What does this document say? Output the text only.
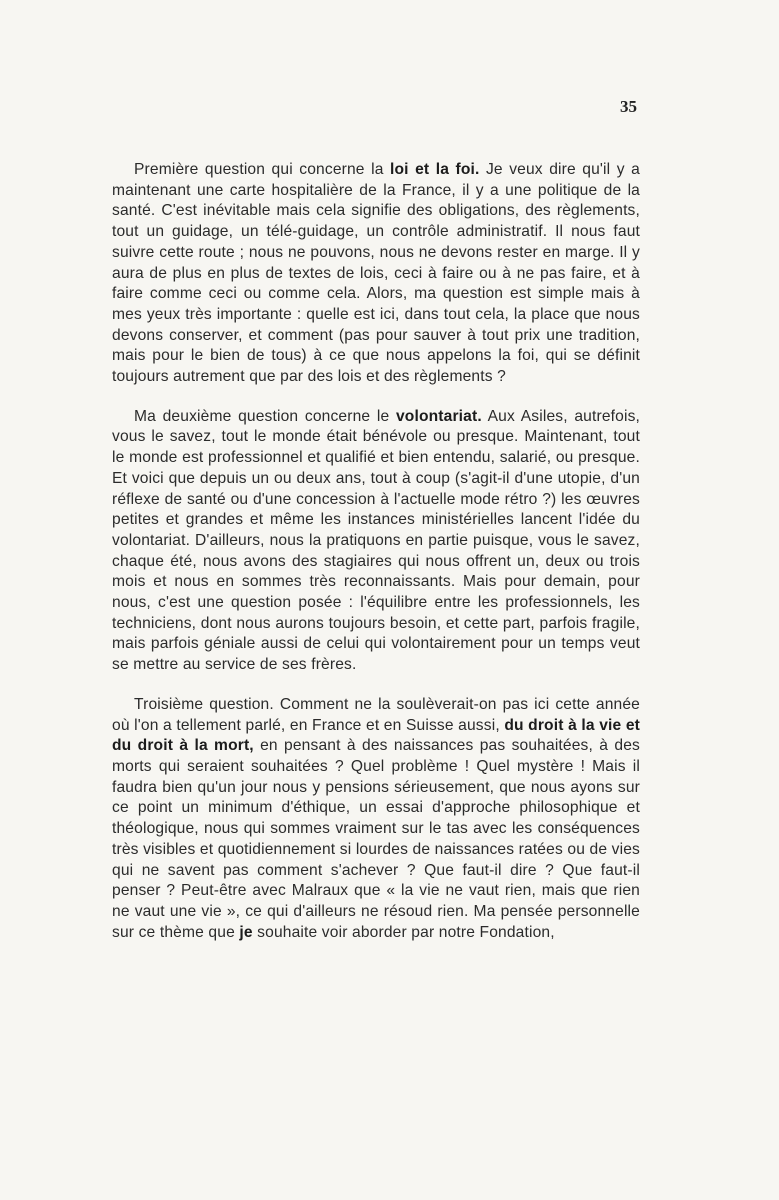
35

Première question qui concerne la loi et la foi. Je veux dire qu'il y a maintenant une carte hospitalière de la France, il y a une politique de la santé. C'est inévitable mais cela signifie des obligations, des règlements, tout un guidage, un télé-guidage, un contrôle administratif. Il nous faut suivre cette route ; nous ne pouvons, nous ne devons rester en marge. Il y aura de plus en plus de textes de lois, ceci à faire ou à ne pas faire, et à faire comme ceci ou comme cela. Alors, ma question est simple mais à mes yeux très importante : quelle est ici, dans tout cela, la place que nous devons conserver, et comment (pas pour sauver à tout prix une tradition, mais pour le bien de tous) à ce que nous appelons la foi, qui se définit toujours autrement que par des lois et des règlements ?

Ma deuxième question concerne le volontariat. Aux Asiles, autrefois, vous le savez, tout le monde était bénévole ou presque. Maintenant, tout le monde est professionnel et qualifié et bien entendu, salarié, ou presque. Et voici que depuis un ou deux ans, tout à coup (s'agit-il d'une utopie, d'un réflexe de santé ou d'une concession à l'actuelle mode rétro ?) les œuvres petites et grandes et même les instances ministérielles lancent l'idée du volontariat. D'ailleurs, nous la pratiquons en partie puisque, vous le savez, chaque été, nous avons des stagiaires qui nous offrent un, deux ou trois mois et nous en sommes très reconnaissants. Mais pour demain, pour nous, c'est une question posée : l'équilibre entre les professionnels, les techniciens, dont nous aurons toujours besoin, et cette part, parfois fragile, mais parfois géniale aussi de celui qui volontairement pour un temps veut se mettre au service de ses frères.

Troisième question. Comment ne la soulèverait-on pas ici cette année où l'on a tellement parlé, en France et en Suisse aussi, du droit à la vie et du droit à la mort, en pensant à des naissances pas souhaitées, à des morts qui seraient souhaitées ? Quel problème ! Quel mystère ! Mais il faudra bien qu'un jour nous y pensions sérieusement, que nous ayons sur ce point un minimum d'éthique, un essai d'approche philosophique et théologique, nous qui sommes vraiment sur le tas avec les conséquences très visibles et quotidiennement si lourdes de naissances ratées ou de vies qui ne savent pas comment s'achever ? Que faut-il dire ? Que faut-il penser ? Peut-être avec Malraux que « la vie ne vaut rien, mais que rien ne vaut une vie », ce qui d'ailleurs ne résoud rien. Ma pensée personnelle sur ce thème que je souhaite voir aborder par notre Fondation,
